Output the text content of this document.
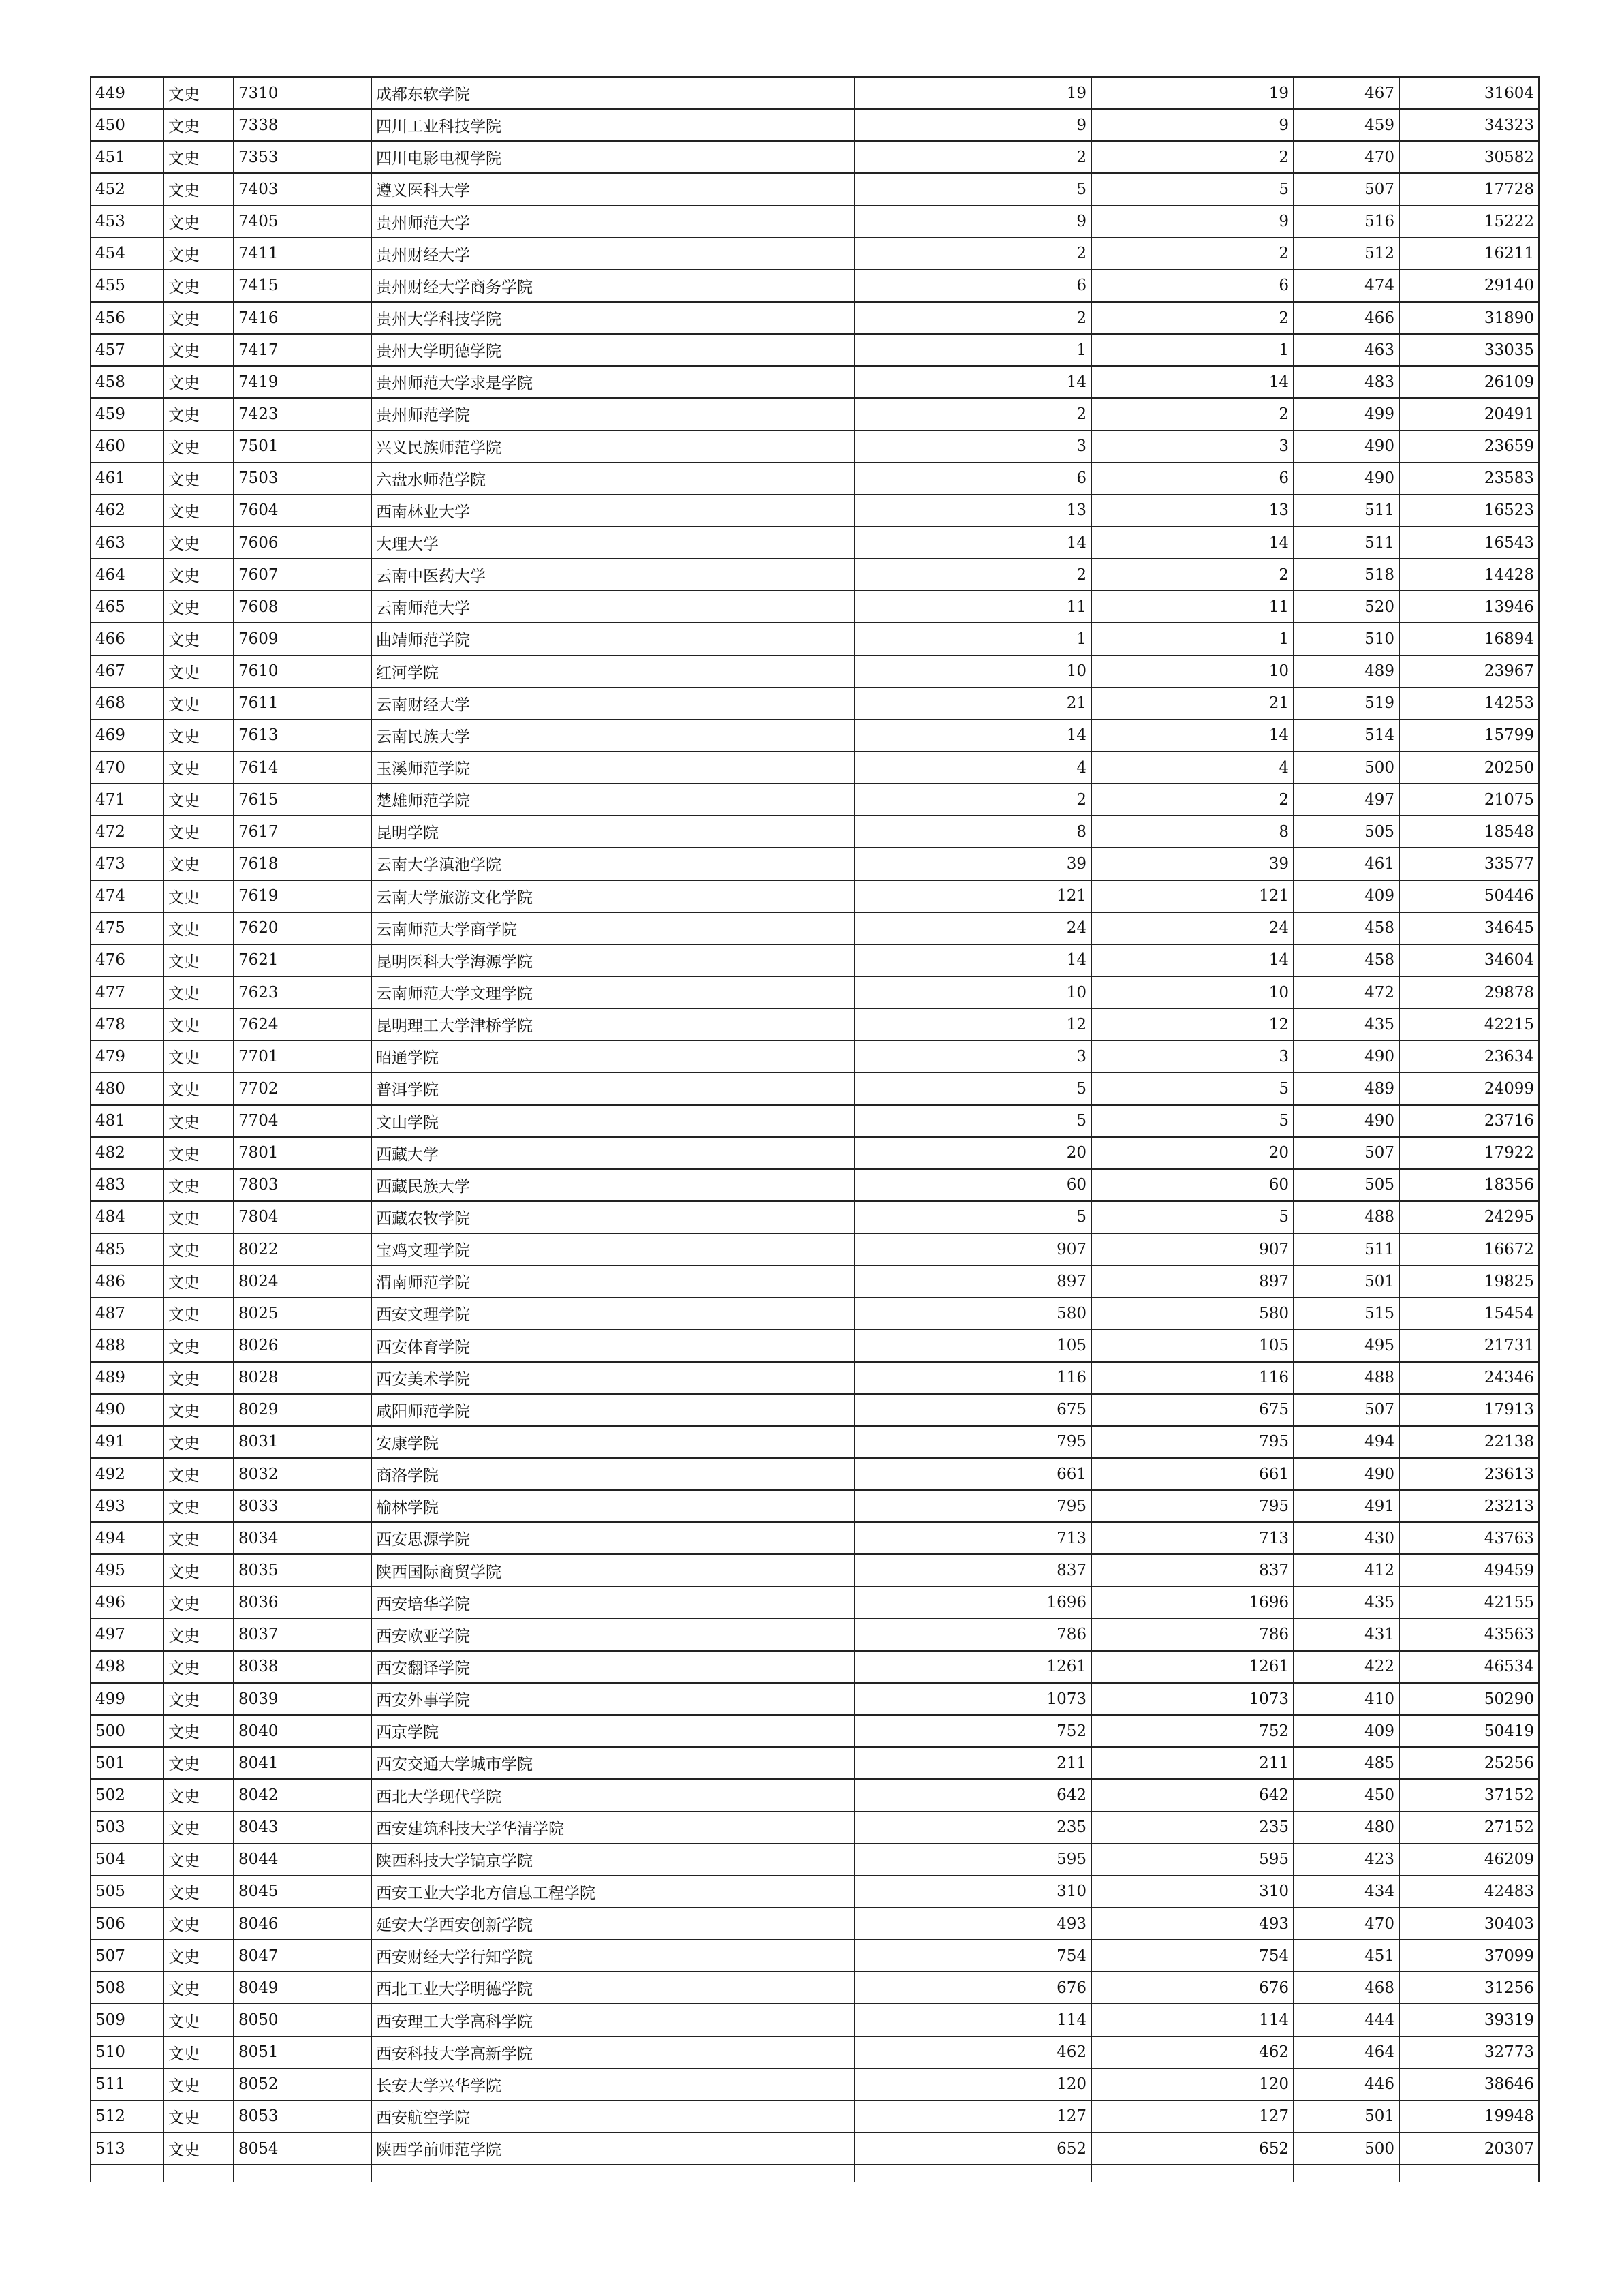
449	文史	7310	成都东软学院	19	19	467	31604
450	文史	7338	四川工业科技学院	9	9	459	34323
451	文史	7353	四川电影电视学院	2	2	470	30582
452	文史	7403	遵义医科大学	5	5	507	17728
453	文史	7405	贵州师范大学	9	9	516	15222
454	文史	7411	贵州财经大学	2	2	512	16211
455	文史	7415	贵州财经大学商务学院	6	6	474	29140
456	文史	7416	贵州大学科技学院	2	2	466	31890
457	文史	7417	贵州大学明德学院	1	1	463	33035
458	文史	7419	贵州师范大学求是学院	14	14	483	26109
459	文史	7423	贵州师范学院	2	2	499	20491
460	文史	7501	兴义民族师范学院	3	3	490	23659
461	文史	7503	六盘水师范学院	6	6	490	23583
462	文史	7604	西南林业大学	13	13	511	16523
463	文史	7606	大理大学	14	14	511	16543
464	文史	7607	云南中医药大学	2	2	518	14428
465	文史	7608	云南师范大学	11	11	520	13946
466	文史	7609	曲靖师范学院	1	1	510	16894
467	文史	7610	红河学院	10	10	489	23967
468	文史	7611	云南财经大学	21	21	519	14253
469	文史	7613	云南民族大学	14	14	514	15799
470	文史	7614	玉溪师范学院	4	4	500	20250
471	文史	7615	楚雄师范学院	2	2	497	21075
472	文史	7617	昆明学院	8	8	505	18548
473	文史	7618	云南大学滇池学院	39	39	461	33577
474	文史	7619	云南大学旅游文化学院	121	121	409	50446
475	文史	7620	云南师范大学商学院	24	24	458	34645
476	文史	7621	昆明医科大学海源学院	14	14	458	34604
477	文史	7623	云南师范大学文理学院	10	10	472	29878
478	文史	7624	昆明理工大学津桥学院	12	12	435	42215
479	文史	7701	昭通学院	3	3	490	23634
480	文史	7702	普洱学院	5	5	489	24099
481	文史	7704	文山学院	5	5	490	23716
482	文史	7801	西藏大学	20	20	507	17922
483	文史	7803	西藏民族大学	60	60	505	18356
484	文史	7804	西藏农牧学院	5	5	488	24295
485	文史	8022	宝鸡文理学院	907	907	511	16672
486	文史	8024	渭南师范学院	897	897	501	19825
487	文史	8025	西安文理学院	580	580	515	15454
488	文史	8026	西安体育学院	105	105	495	21731
489	文史	8028	西安美术学院	116	116	488	24346
490	文史	8029	咸阳师范学院	675	675	507	17913
491	文史	8031	安康学院	795	795	494	22138
492	文史	8032	商洛学院	661	661	490	23613
493	文史	8033	榆林学院	795	795	491	23213
494	文史	8034	西安思源学院	713	713	430	43763
495	文史	8035	陕西国际商贸学院	837	837	412	49459
496	文史	8036	西安培华学院	1696	1696	435	42155
497	文史	8037	西安欧亚学院	786	786	431	43563
498	文史	8038	西安翻译学院	1261	1261	422	46534
499	文史	8039	西安外事学院	1073	1073	410	50290
500	文史	8040	西京学院	752	752	409	50419
501	文史	8041	西安交通大学城市学院	211	211	485	25256
502	文史	8042	西北大学现代学院	642	642	450	37152
503	文史	8043	西安建筑科技大学华清学院	235	235	480	27152
504	文史	8044	陕西科技大学镐京学院	595	595	423	46209
505	文史	8045	西安工业大学北方信息工程学院	310	310	434	42483
506	文史	8046	延安大学西安创新学院	493	493	470	30403
507	文史	8047	西安财经大学行知学院	754	754	451	37099
508	文史	8049	西北工业大学明德学院	676	676	468	31256
509	文史	8050	西安理工大学高科学院	114	114	444	39319
510	文史	8051	西安科技大学高新学院	462	462	464	32773
511	文史	8052	长安大学兴华学院	120	120	446	38646
512	文史	8053	西安航空学院	127	127	501	19948
513	文史	8054	陕西学前师范学院	652	652	500	20307
